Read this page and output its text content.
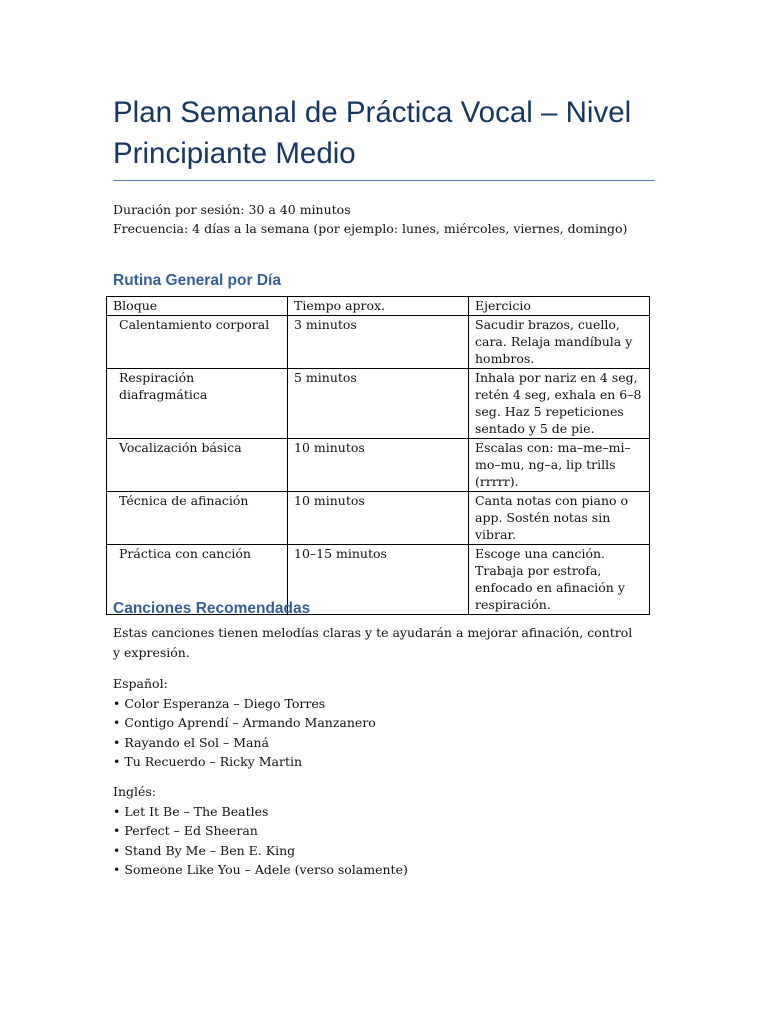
Plan Semanal de Práctica Vocal – Nivel Principiante Medio

Duración por sesión: 30 a 40 minutos

Frecuencia: 4 días a la semana (por ejemplo: lunes, miércoles, viernes, domingo)

Rutina General por Día
Bloque	Tiempo aprox.	Ejercicio
Calentamiento corporal	3 minutos	Sacudir brazos, cuello, cara. Relaja mandíbula y hombros.
Respiración diafragmática	5 minutos	Inhala por nariz en 4 seg, retén 4 seg, exhala en 6–8 seg. Haz 5 repeticiones sentado y 5 de pie.
Vocalización básica	10 minutos	Escalas con: ma–me–mi–mo–mu, ng–a, lip trills (rrrrr).
Técnica de afinación	10 minutos	Canta notas con piano o app. Sostén notas sin vibrar.
Práctica con canción	10–15 minutos	Escoge una canción. Trabaja por estrofa, enfocado en afinación y respiración.
Canciones Recomendadas

Estas canciones tienen melodías claras y te ayudarán a mejorar afinación, control y expresión.

Español:

• Color Esperanza – Diego Torres
• Contigo Aprendí – Armando Manzanero
• Rayando el Sol – Maná
• Tu Recuerdo – Ricky Martin

Inglés:

• Let It Be – The Beatles
• Perfect – Ed Sheeran
• Stand By Me – Ben E. King
• Someone Like You – Adele (verso solamente)
